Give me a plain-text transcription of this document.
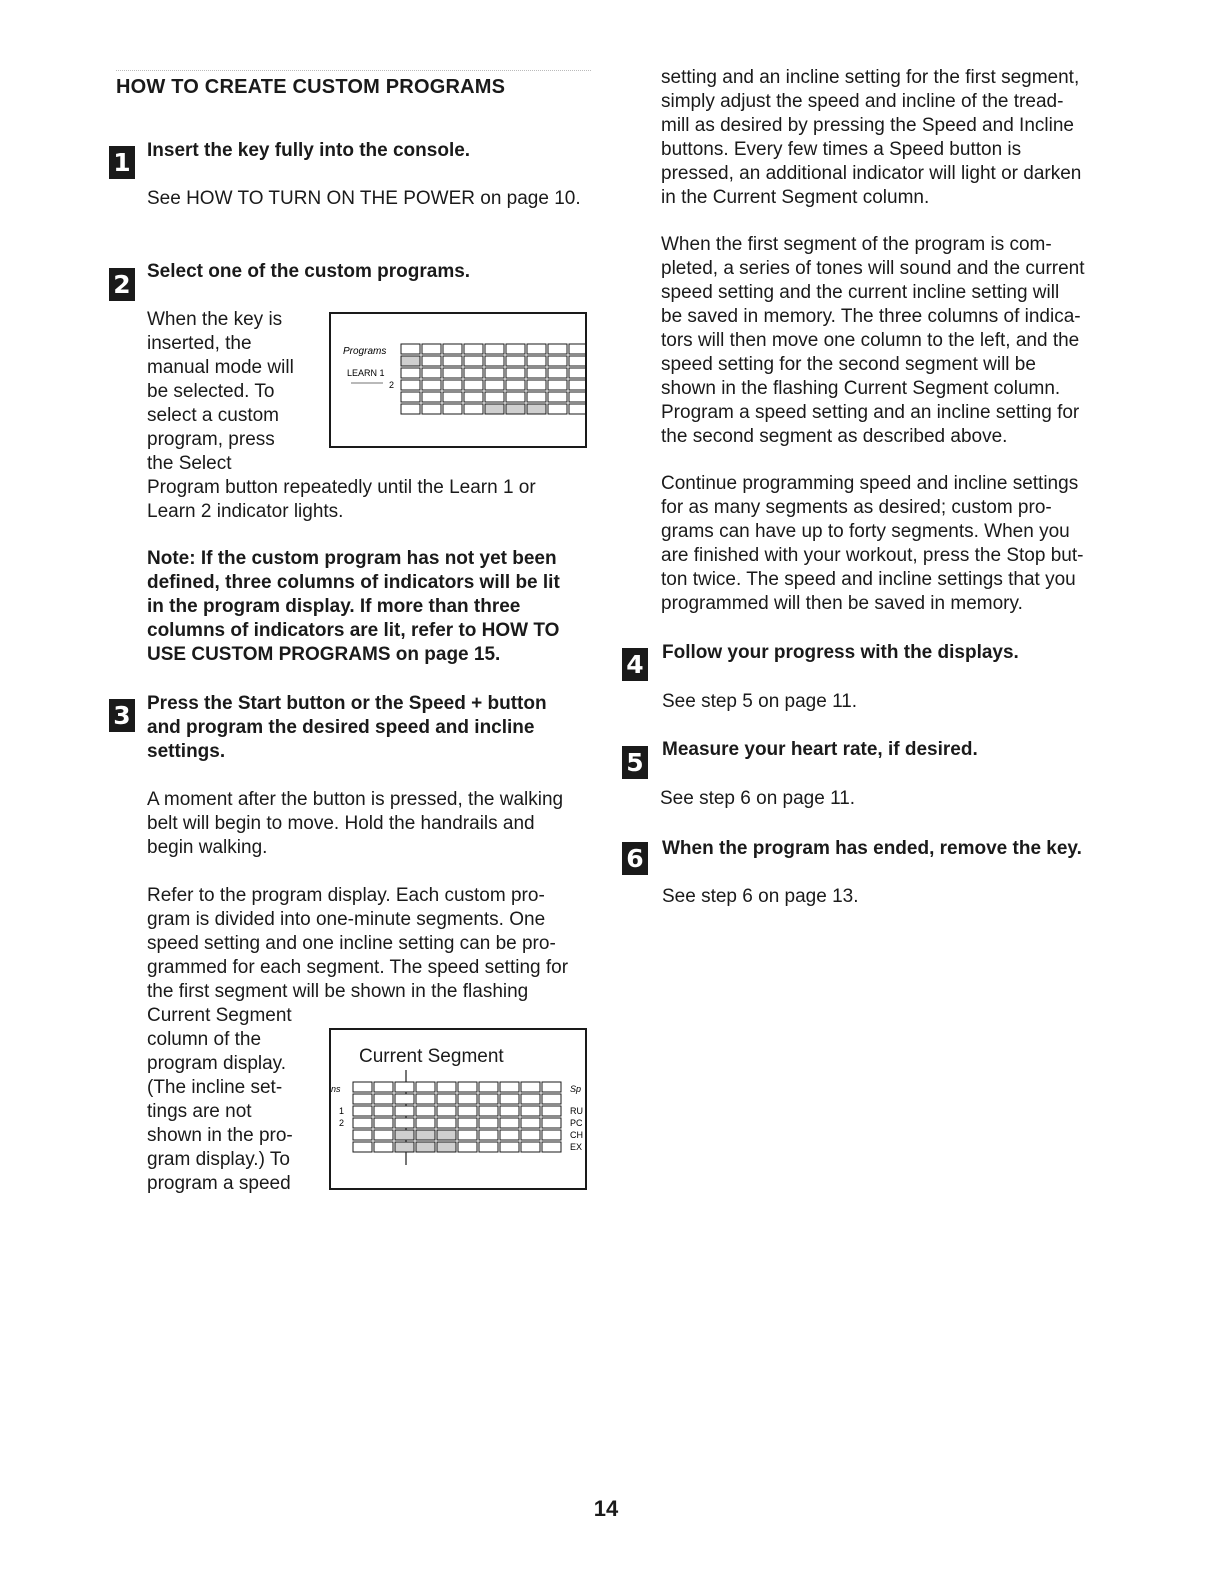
HOW TO CREATE CUSTOM PROGRAMS
1 Insert the key fully into the console.
See HOW TO TURN ON THE POWER on page 10.
2 Select one of the custom programs.
When the key is
inserted, the
manual mode will
be selected. To
select a custom
program, press
the Select
Program button repeatedly until the Learn 1 or
Learn 2 indicator lights.
Programs
LEARN 1
2
Note: If the custom program has not yet been
defined, three columns of indicators will be lit
in the program display. If more than three
columns of indicators are lit, refer to HOW TO
USE CUSTOM PROGRAMS on page 15.
3 Press the Start button or the Speed + button
and program the desired speed and incline
settings.
A moment after the button is pressed, the walking
belt will begin to move. Hold the handrails and
begin walking.
Refer to the program display. Each custom pro-
gram is divided into one-minute segments. One
speed setting and one incline setting can be pro-
grammed for each segment. The speed setting for
the first segment will be shown in the flashing
Current Segment
column of the
program display.
(The incline set-
tings are not
shown in the pro-
gram display.) To
program a speed
Current Segment
ns
1
2
Sp
RU
PC
CH
EX
setting and an incline setting for the first segment,
simply adjust the speed and incline of the tread-
mill as desired by pressing the Speed and Incline
buttons. Every few times a Speed button is
pressed, an additional indicator will light or darken
in the Current Segment column.
When the first segment of the program is com-
pleted, a series of tones will sound and the current
speed setting and the current incline setting will
be saved in memory. The three columns of indica-
tors will then move one column to the left, and the
speed setting for the second segment will be
shown in the flashing Current Segment column.
Program a speed setting and an incline setting for
the second segment as described above.
Continue programming speed and incline settings
for as many segments as desired; custom pro-
grams can have up to forty segments. When you
are finished with your workout, press the Stop but-
ton twice. The speed and incline settings that you
programmed will then be saved in memory.
4 Follow your progress with the displays.
See step 5 on page 11.
5 Measure your heart rate, if desired.
See step 6 on page 11.
6 When the program has ended, remove the key.
See step 6 on page 13.
14
